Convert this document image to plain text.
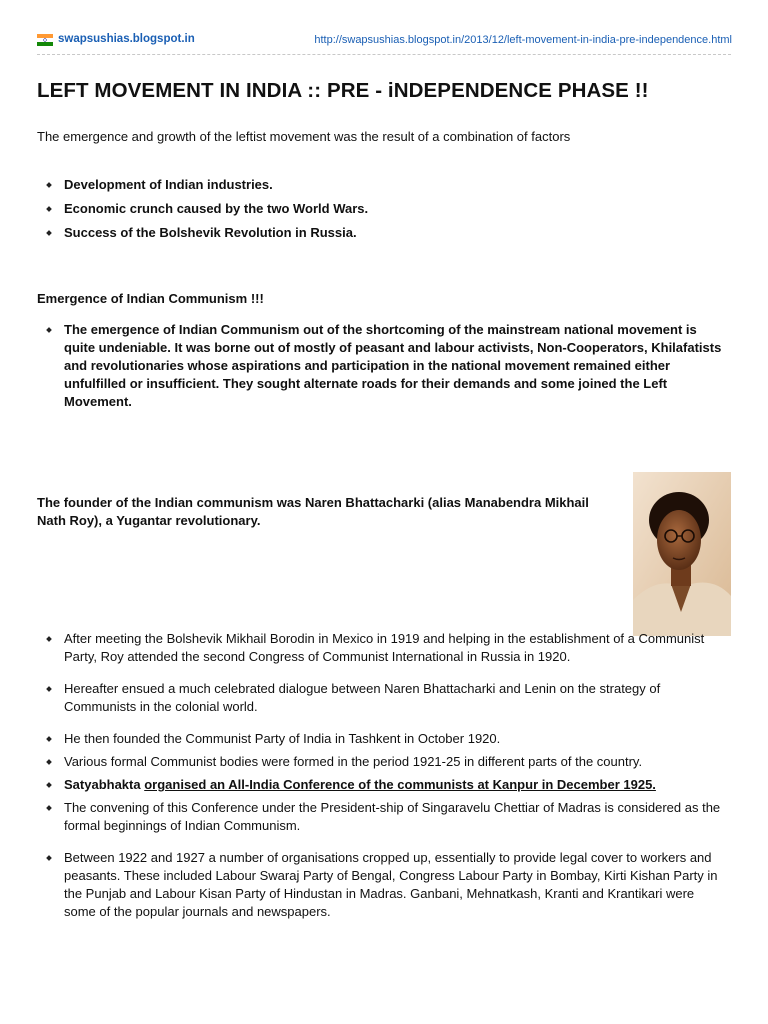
swapsushias.blogspot.in	http://swapsushias.blogspot.in/2013/12/left-movement-in-india-pre-independence.html
LEFT MOVEMENT IN INDIA :: PRE - iNDEPENDENCE PHASE !!

The emergence and growth of the leftist movement was the result of a combination of factors

Development of Indian industries.
Economic crunch caused by the two World Wars.
Success of the Bolshevik Revolution in Russia.

Emergence of Indian Communism !!!

The emergence of Indian Communism out of the shortcoming of the mainstream national movement is quite undeniable. It was borne out of mostly of peasant and labour activists, Non-Cooperators, Khilafatists and revolutionaries whose aspirations and participation in the national movement remained either unfulfilled or insufficient. They sought alternate roads for their demands and some joined the Left Movement.

The founder of the Indian communism was Naren Bhattacharki (alias Manabendra Mikhail Nath Roy), a Yugantar revolutionary.

After meeting the Bolshevik Mikhail Borodin in Mexico in 1919 and helping in the establishment of a Communist Party, Roy attended the second Congress of Communist International in Russia in 1920.
Hereafter ensued a much celebrated dialogue between Naren Bhattacharki and Lenin on the strategy of Communists in the colonial world.
He then founded the Communist Party of India in Tashkent in October 1920.
Various formal Communist bodies were formed in the period 1921-25 in different parts of the country.
Satyabhakta organised an All-India Conference of the communists at Kanpur in December 1925.
The convening of this Conference under the President-ship of Singaravelu Chettiar of Madras is considered as the formal beginnings of Indian Communism.
Between 1922 and 1927 a number of organisations cropped up, essentially to provide legal cover to workers and peasants. These included Labour Swaraj Party of Bengal, Congress Labour Party in Bombay, Kirti Kishan Party in the Punjab and Labour Kisan Party of Hindustan in Madras. Ganbani, Mehnatkash, Kranti and Krantikari were some of the popular journals and newspapers.
